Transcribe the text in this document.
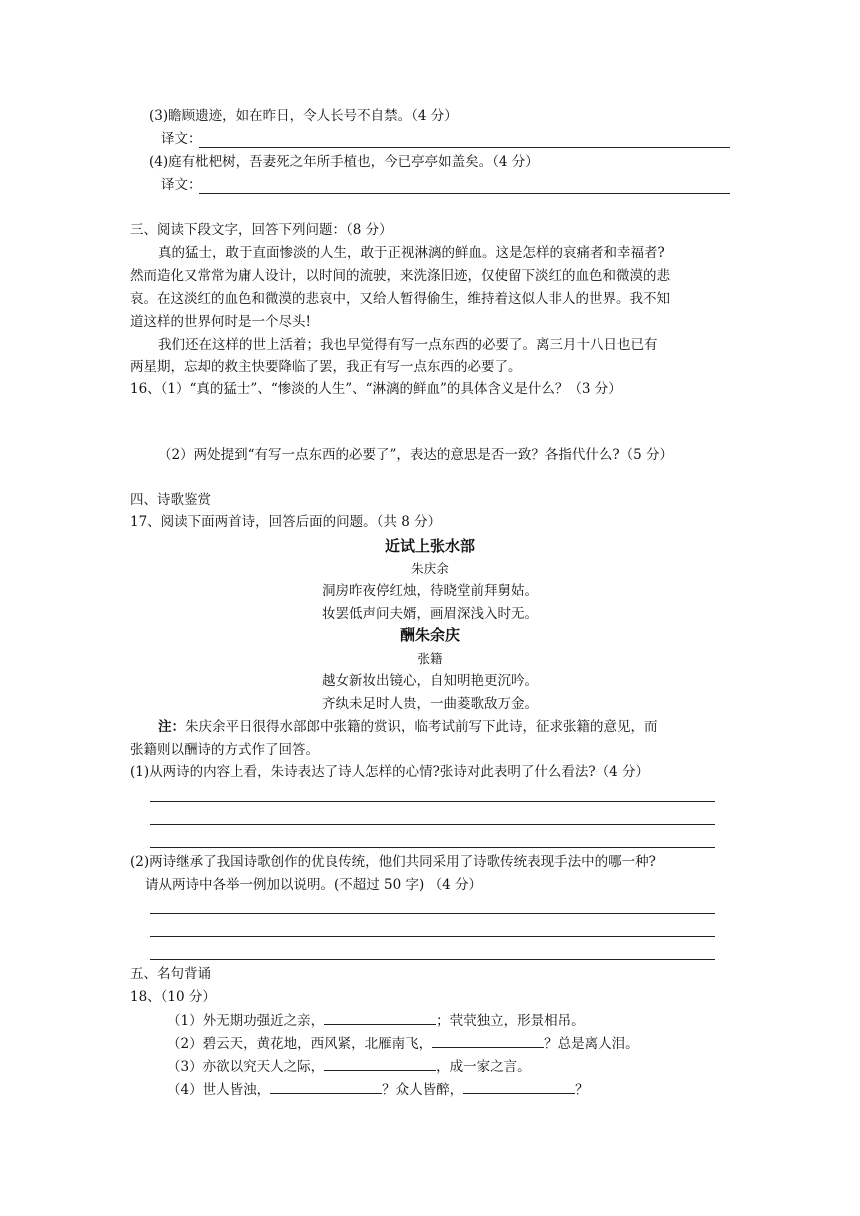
(3)瞻顾遗迹，如在昨日，令人长号不自禁。（4 分）
译文：
(4)庭有枇杷树，吾妻死之年所手植也，今已亭亭如盖矣。（4 分）
译文：
三、阅读下段文字，回答下列问题：（8 分）
真的猛士，敢于直面惨淡的人生，敢于正视淋漓的鲜血。这是怎样的哀痛者和幸福者?
然而造化又常常为庸人设计，以时间的流驶，来洗涤旧迹，仅使留下淡红的血色和微漠的悲
哀。在这淡红的血色和微漠的悲哀中，又给人暂得偷生，维持着这似人非人的世界。我不知
道这样的世界何时是一个尽头!
我们还在这样的世上活着；我也早觉得有写一点东西的必要了。离三月十八日也已有
两星期，忘却的救主快要降临了罢，我正有写一点东西的必要了。
16、（1）“真的猛士”、“惨淡的人生”、“淋漓的鲜血”的具体含义是什么？（3 分）
（2）两处提到“有写一点东西的必要了”，表达的意思是否一致？各指代什么?（5 分）
四、诗歌鉴赏
17、阅读下面两首诗，回答后面的问题。（共 8 分）
近试上张水部
朱庆余
洞房昨夜停红烛，待晓堂前拜舅姑。
妆罢低声问夫婿，画眉深浅入时无。
酬朱余庆
张籍
越女新妆出镜心，自知明艳更沉吟。
齐纨未足时人贵，一曲菱歌敌万金。
注：朱庆余平日很得水部郎中张籍的赏识，临考试前写下此诗，征求张籍的意见，而
张籍则以酬诗的方式作了回答。
(1)从两诗的内容上看，朱诗表达了诗人怎样的心情?张诗对此表明了什么看法?（4 分）
(2)两诗继承了我国诗歌创作的优良传统，他们共同采用了诗歌传统表现手法中的哪一种?
请从两诗中各举一例加以说明。(不超过 50 字) （4 分）
五、名句背诵
18、（10 分）
（1）外无期功强近之亲，	；茕茕独立，形景相吊。
（2）碧云天，黄花地，西风紧，北雁南飞，	？总是离人泪。
（3）亦欲以究天人之际，	，成一家之言。
（4）世人皆浊，	？众人皆醉，	？
